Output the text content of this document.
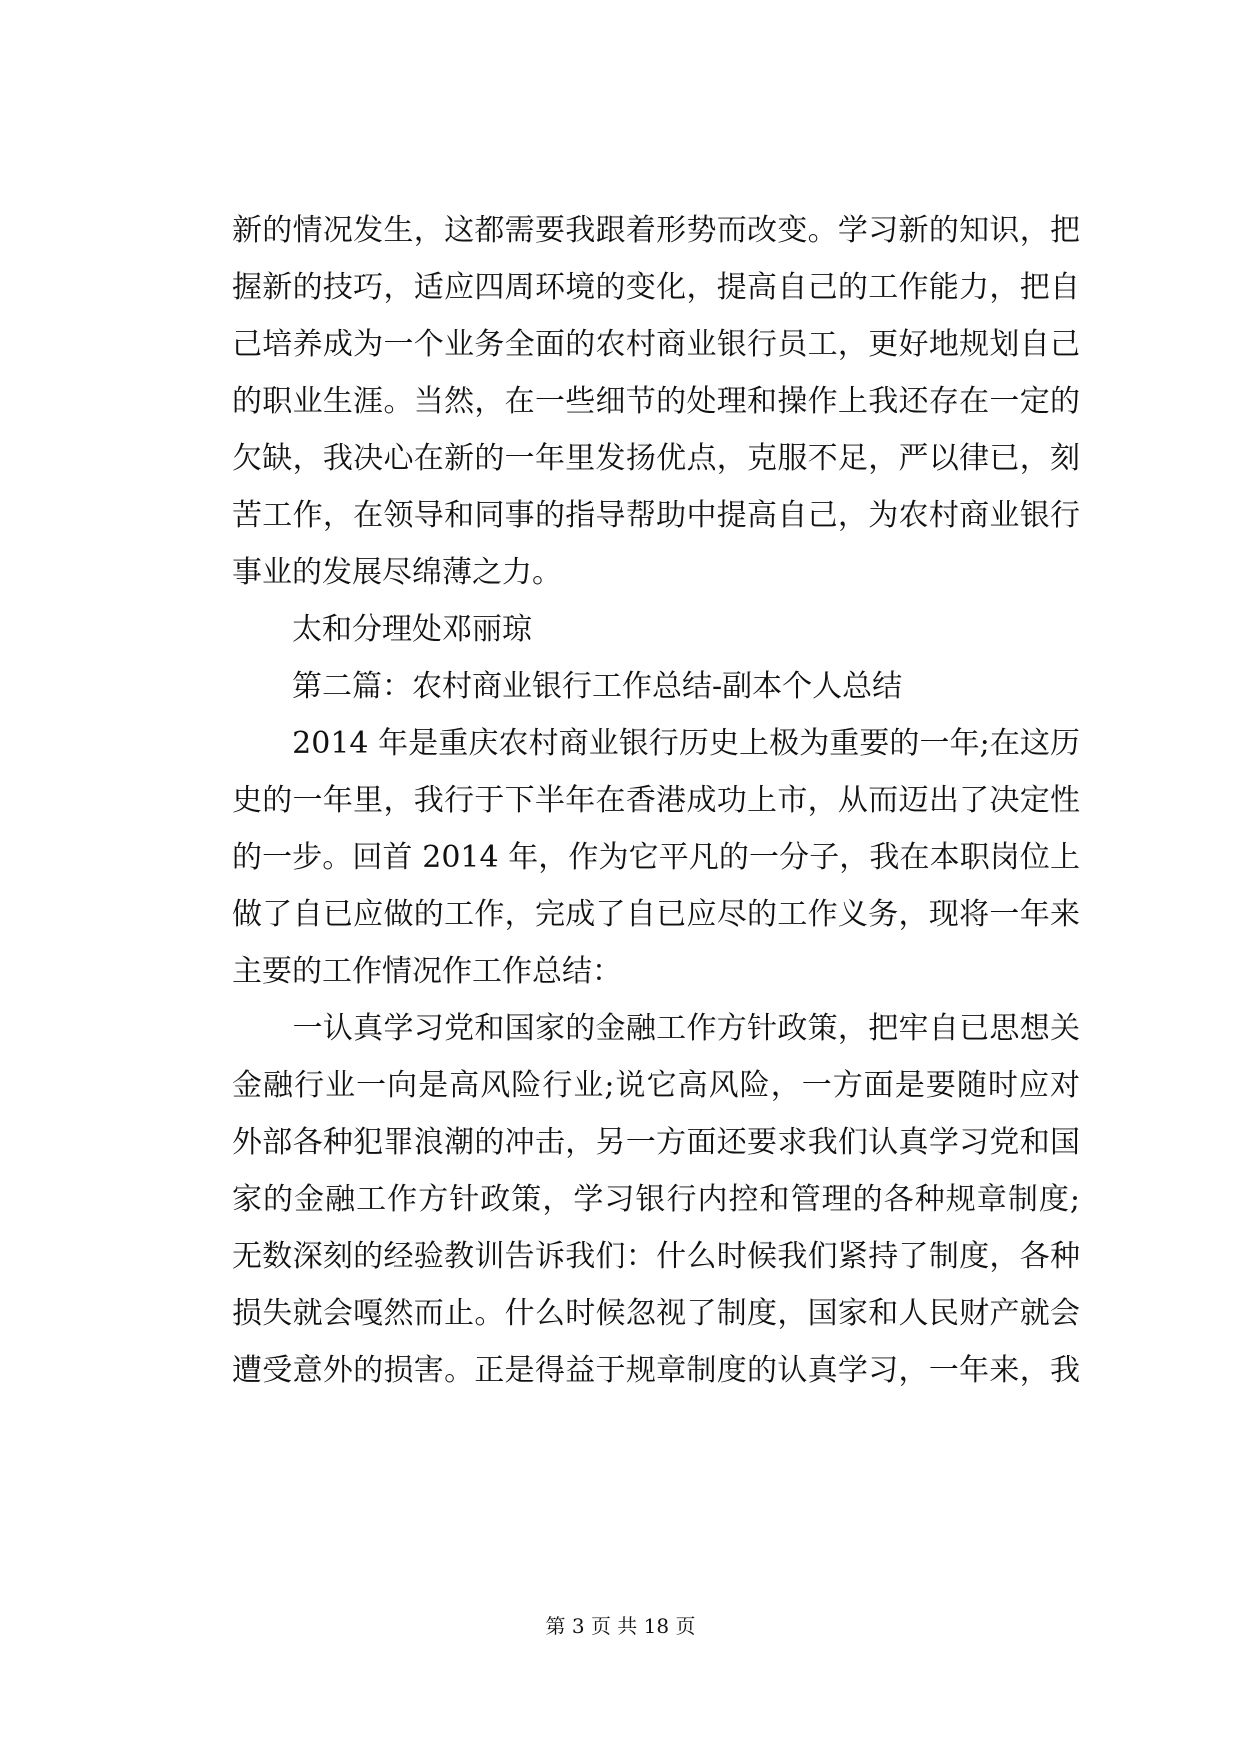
新的情况发生，这都需要我跟着形势而改变。学习新的知识，把
握新的技巧，适应四周环境的变化，提高自己的工作能力，把自
己培养成为一个业务全面的农村商业银行员工，更好地规划自己
的职业生涯。当然，在一些细节的处理和操作上我还存在一定的
欠缺，我决心在新的一年里发扬优点，克服不足，严以律已，刻
苦工作，在领导和同事的指导帮助中提高自己，为农村商业银行
事业的发展尽绵薄之力。
　　太和分理处邓丽琼
　　第二篇：农村商业银行工作总结-副本个人总结
　　2014 年是重庆农村商业银行历史上极为重要的一年;在这历
史的一年里，我行于下半年在香港成功上市，从而迈出了决定性
的一步。回首 2014 年，作为它平凡的一分子，我在本职岗位上
做了自已应做的工作，完成了自已应尽的工作义务，现将一年来
主要的工作情况作工作总结：
　　一认真学习党和国家的金融工作方针政策，把牢自已思想关
金融行业一向是高风险行业;说它高风险，一方面是要随时应对
外部各种犯罪浪潮的冲击，另一方面还要求我们认真学习党和国
家的金融工作方针政策，学习银行内控和管理的各种规章制度;
无数深刻的经验教训告诉我们：什么时候我们紧持了制度，各种
损失就会嘎然而止。什么时候忽视了制度，国家和人民财产就会
遭受意外的损害。正是得益于规章制度的认真学习，一年来，我
第 3 页 共 18 页
